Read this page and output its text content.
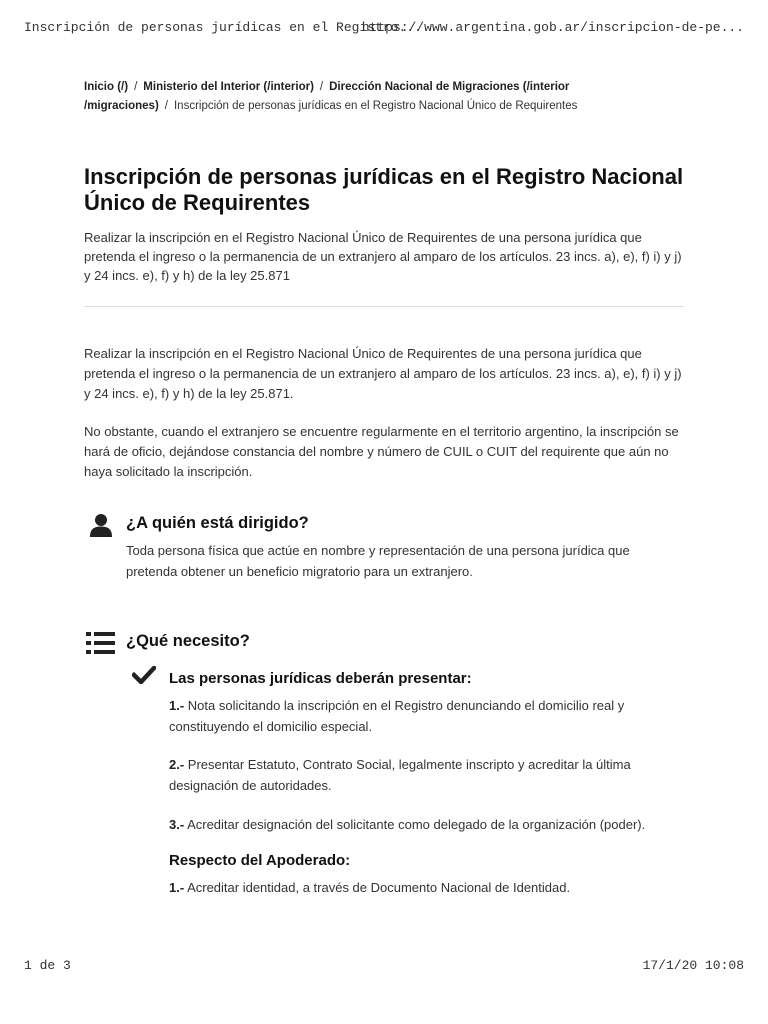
Inscripción de personas jurídicas en el Registro...
https://www.argentina.gob.ar/inscripcion-de-pe...
Inicio (/) / Ministerio del Interior (/interior) / Dirección Nacional de Migraciones (/interior
/migraciones) / Inscripción de personas jurídicas en el Registro Nacional Único de Requirentes
Inscripción de personas jurídicas en el Registro Nacional Único de Requirentes
Realizar la inscripción en el Registro Nacional Único de Requirentes de una persona jurídica que pretenda el ingreso o la permanencia de un extranjero al amparo de los artículos. 23 incs. a), e), f) i) y j) y 24 incs. e), f) y h) de la ley 25.871
Realizar la inscripción en el Registro Nacional Único de Requirentes de una persona jurídica que pretenda el ingreso o la permanencia de un extranjero al amparo de los artículos. 23 incs. a), e), f) i) y j) y 24 incs. e), f) y h) de la ley 25.871.
No obstante, cuando el extranjero se encuentre regularmente en el territorio argentino, la inscripción se hará de oficio, dejándose constancia del nombre y número de CUIL o CUIT del requirente que aún no haya solicitado la inscripción.
¿A quién está dirigido?
Toda persona física que actúe en nombre y representación de una persona jurídica que pretenda obtener un beneficio migratorio para un extranjero.
¿Qué necesito?
Las personas jurídicas deberán presentar:
1.- Nota solicitando la inscripción en el Registro denunciando el domicilio real y constituyendo el domicilio especial.
2.- Presentar Estatuto, Contrato Social, legalmente inscripto y acreditar la última designación de autoridades.
3.- Acreditar designación del solicitante como delegado de la organización (poder).
Respecto del Apoderado:
1.- Acreditar identidad, a través de Documento Nacional de Identidad.
1 de 3	17/1/20 10:08
